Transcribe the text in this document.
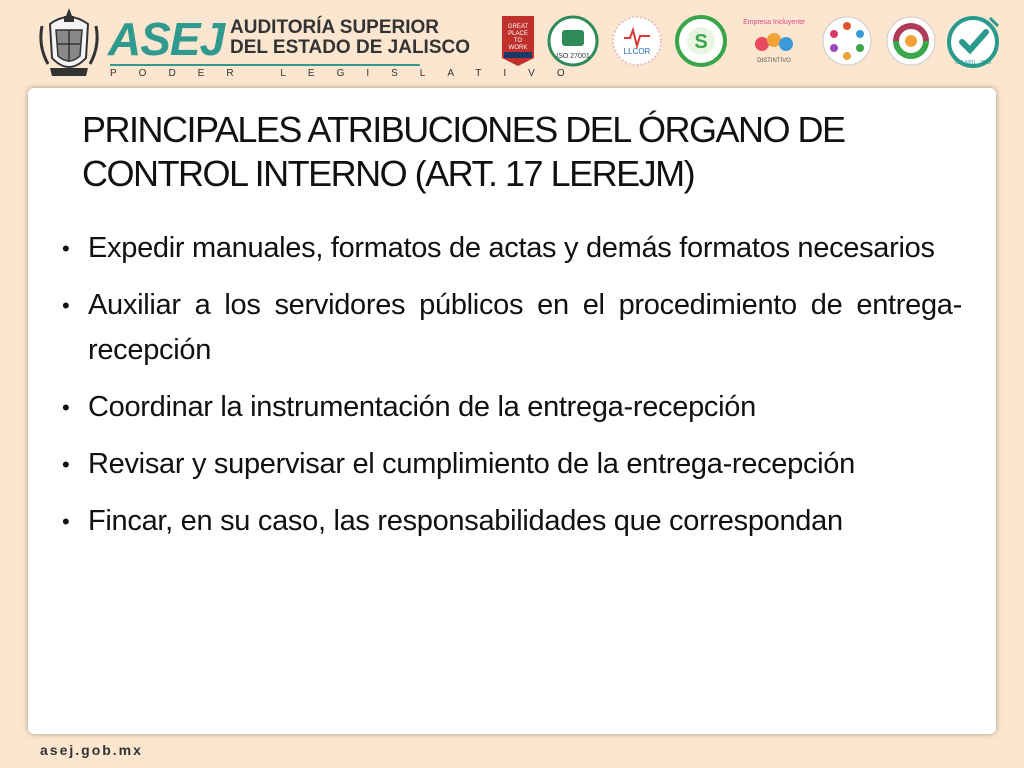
ASEJ AUDITORÍA SUPERIOR
DEL ESTADO DE JALISCO
PODER LEGISLATIVO
GREAT
PLACE
TO
WORK
ISO 27001
LLCOR S
Empresa Incluyente
DISTINTIVO	ISO 9001 : 2015
PRINCIPALES ATRIBUCIONES DEL ÓRGANO DE CONTROL INTERNO (ART. 17 LEREJM)
• Expedir manuales, formatos de actas y demás formatos necesarios
• Auxiliar a los servidores públicos en el procedimiento de entrega-recepción
• Coordinar la instrumentación de la entrega-recepción
• Revisar y supervisar el cumplimiento de la entrega-recepción
• Fincar, en su caso, las responsabilidades que correspondan
asej.gob.mx
